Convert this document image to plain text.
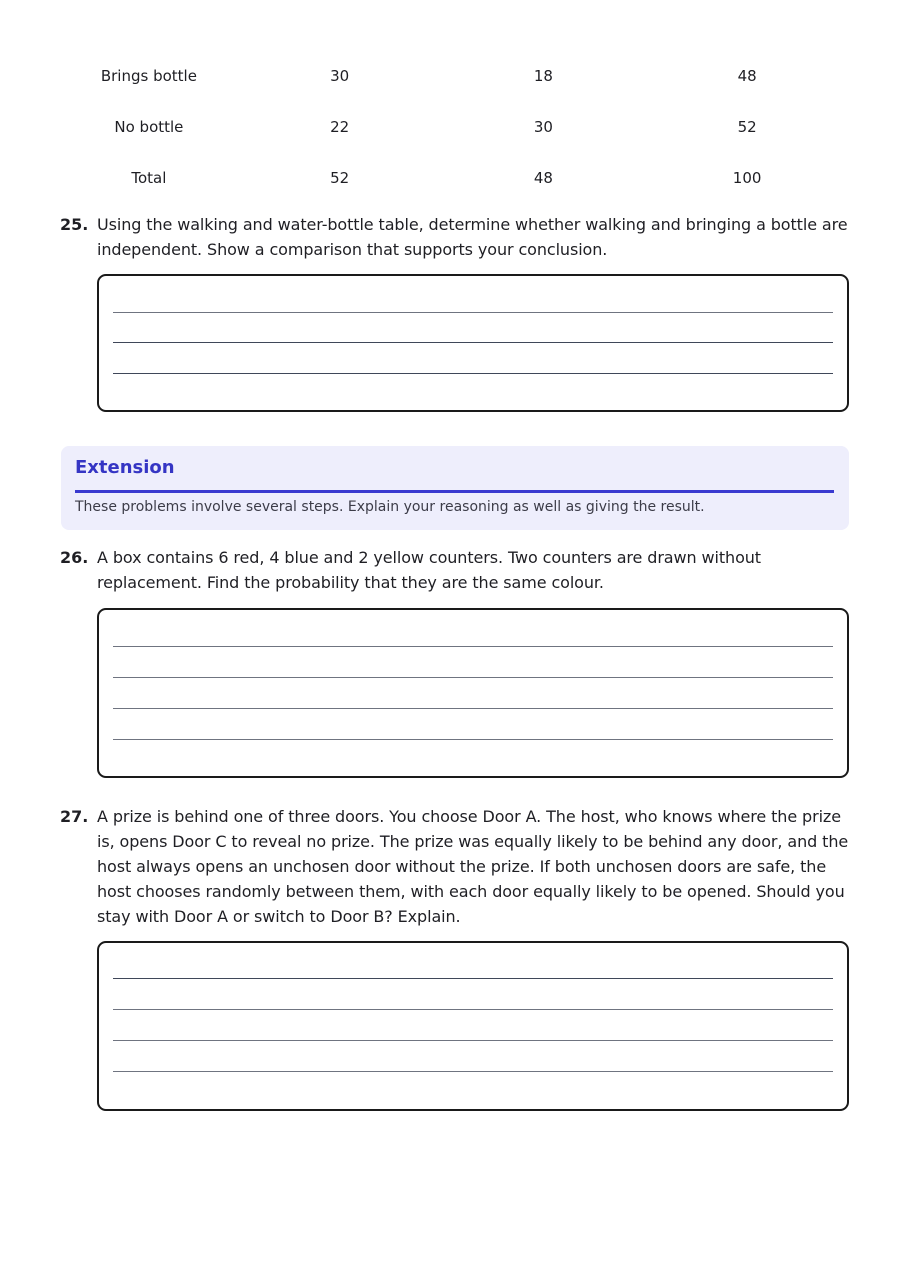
Brings bottle	30	18	48
No bottle	22	30	52
Total	52	48	100
25. Using the walking and water-bottle table, determine whether walking and bringing a bottle are independent. Show a comparison that supports your conclusion.
Extension
These problems involve several steps. Explain your reasoning as well as giving the result.
26. A box contains 6 red, 4 blue and 2 yellow counters. Two counters are drawn without replacement. Find the probability that they are the same colour.
27. A prize is behind one of three doors. You choose Door A. The host, who knows where the prize is, opens Door C to reveal no prize. The prize was equally likely to be behind any door, and the host always opens an unchosen door without the prize. If both unchosen doors are safe, the host chooses randomly between them, with each door equally likely to be opened. Should you stay with Door A or switch to Door B? Explain.
